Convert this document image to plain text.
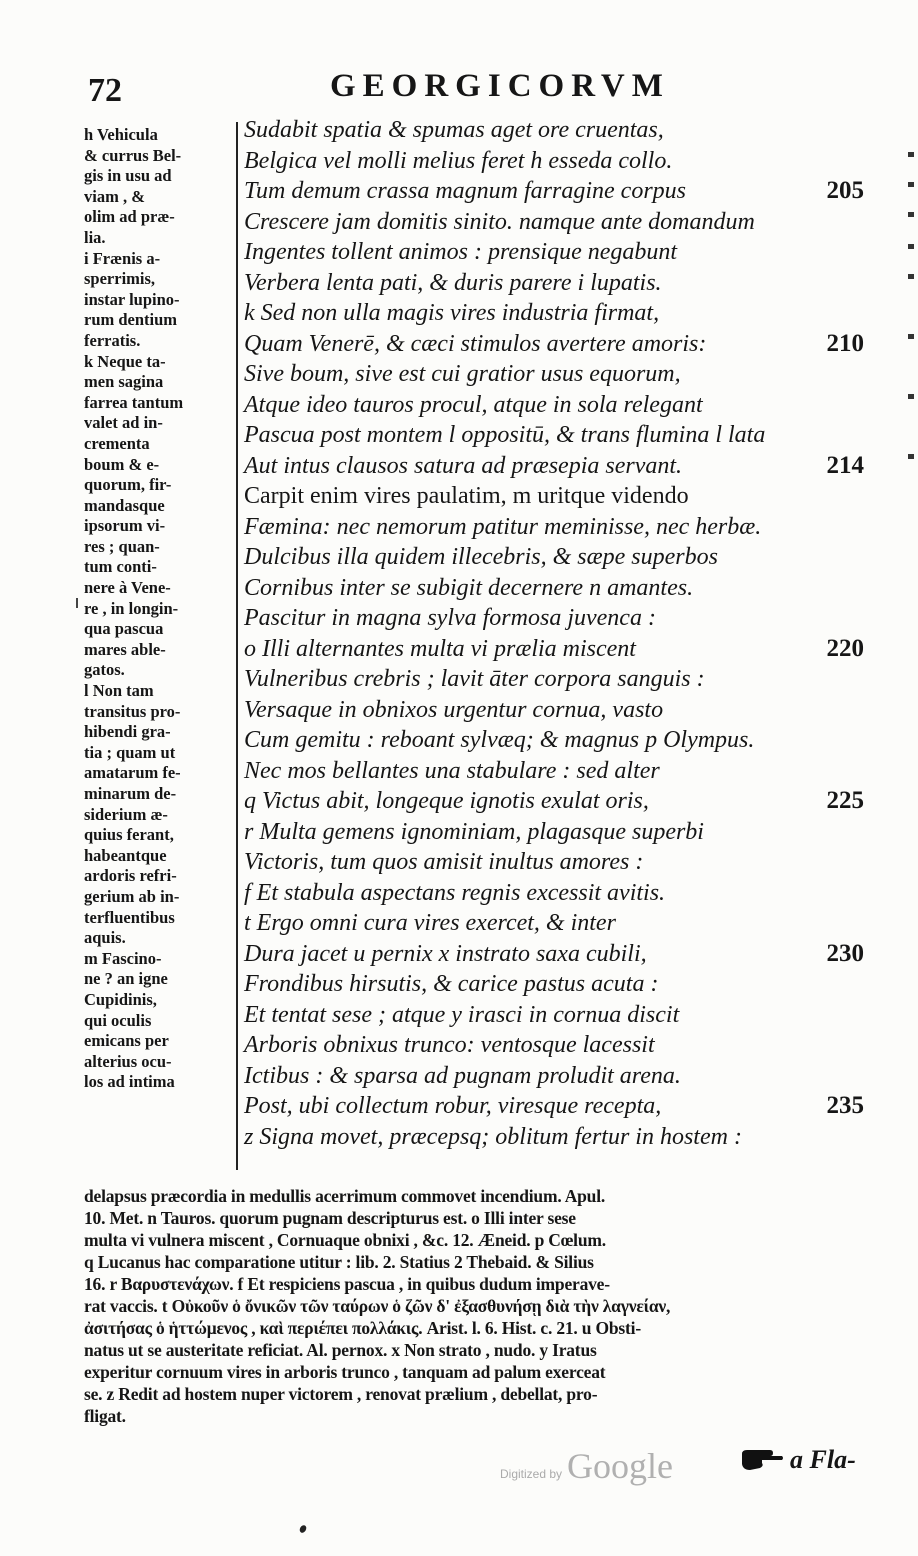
72	GEORGICORVM
h Vehicula
& currus Bel-
gis in usu ad
viam , &
olim ad præ-
lia.
i Frænis a-
sperrimis,
instar lupino-
rum dentium
ferratis.
k Neque ta-
men sagina
farrea tantum
valet ad in-
crementa
boum & e-
quorum, fir-
mandasque
ipsorum vi-
res ; quan-
tum conti-
nere à Vene-
re , in longin-
qua pascua
mares able-
gatos.
l Non tam
transitus pro-
hibendi gra-
tia ; quam ut
amatarum fe-
minarum de-
siderium æ-
quius ferant,
habeantque
ardoris refri-
gerium ab in-
terfluentibus
aquis.
m Fascino-
ne ? an igne
Cupidinis,
qui oculis
emicans per
alterius ocu-
los ad intima
Sudabit spatia & spumas aget ore cruentas,
Belgica vel molli melius feret h essedа collo.
Tum demum crassa magnum farragine corpus	205
Crescere jam domitis sinito. namque ante domandum
Ingentes tollent animos : prensique negabunt
Verbera lenta pati, & duris parere i lupatis.
k Sed non ulla magis vires industria firmat,
Quam Venerē, & cæci stimulos avertere amoris:	210
Sive boum, sive est cui gratior usus equorum,
Atque ideo tauros procul, atque in sola relegant
Pascua post montem l oppositū, & trans flumina l lata
Aut intus clausos satura ad præsepia servant.	214
Carpit enim vires paulatim, m uritque videndo
Fæmina: nec nemorum patitur meminisse, nec herbæ.
Dulcibus illa quidem illecebris, & sæpe superbos
Cornibus inter se subigit decernere n amantes.
Pascitur in magna sylva formosa juvenca :
o Illi alternantes multa vi prælia miscent	220
Vulneribus crebris ; lavit āter corpora sanguis :
Versaque in obnixos urgentur cornua, vasto
Cum gemitu : reboant sylvæq; & magnus p Olympus.
Nec mos bellantes una stabulare : sed alter
q Victus abit, longeque ignotis exulat oris,	225
r Multa gemens ignominiam, plagasque superbi
Victoris, tum quos amisit inultus amores :
f Et stabula aspectans regnis excessit avitis.
t Ergo omni cura vires exercet, & inter
Dura jacet u pernix x instrato saxa cubili,	230
Frondibus hirsutis, & carice pastus acuta :
Et tentat sese ; atque y irasci in cornua discit
Arboris obnixus trunco: ventosque lacessit
Ictibus : & sparsa ad pugnam proludit arena.
Post, ubi collectum robur, viresque recepta,	235
z Signa movet, præcepsq; oblitum fertur in hostem :
delapsus præcordia in medullis acerrimum commovet incendium. Apul.
10. Met. n Tauros. quorum pugnam descripturus est. o Illi inter sese
multa vi vulnera miscent , Cornuaque obnixi , &c. 12. Æneid. p Cœlum.
q Lucanus hac comparatione utitur : lib. 2. Statius 2 Thebaid. & Silius
16. r Βαρυστενάχων. f Et respiciens pascua , in quibus dudum imperave-
rat vaccis. t Οὐκοῦν ὁ ὄνικῶν τῶν ταύρων ὁ ζῶν δ' ἐξασθυνήσῃ διὰ τὴν λαγνείαν,
ἀσιτήσας ὁ ἡττώμενος , καὶ περιέπει πολλάκις. Arist. l. 6. Hist. c. 21. u Obsti-
natus ut se austeritate reficiat. Al. pernox. x Non strato , nudo. y Iratus
experitur cornuum vires in arboris trunco , tanquam ad palum exerceat
se. z Redit ad hostem nuper victorem , renovat prælium , debellat, pro-
fligat.
Digitized by Google	a Fla-
